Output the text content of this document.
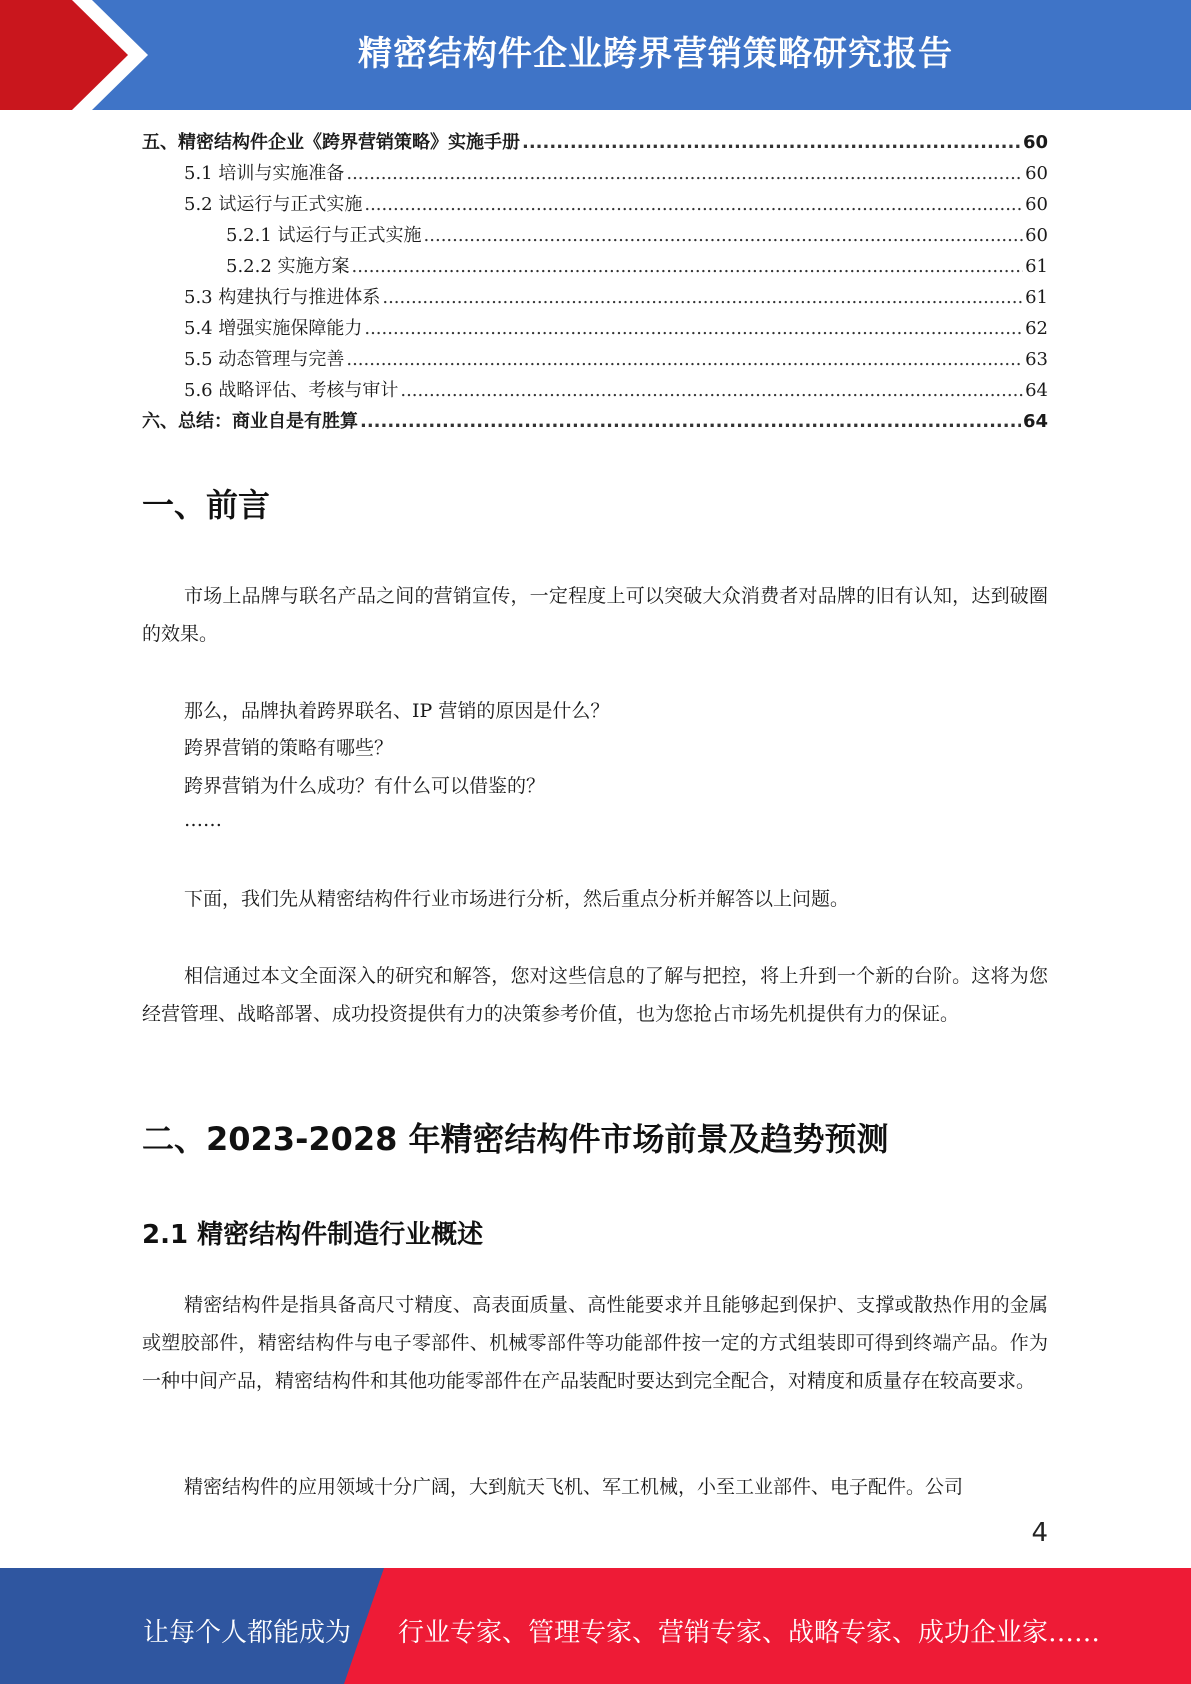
精密结构件企业跨界营销策略研究报告
五、精密结构件企业《跨界营销策略》实施手册 .....	60
5.1 培训与实施准备 .....	60
5.2 试运行与正式实施 .....	60
5.2.1 试运行与正式实施 .....	60
5.2.2 实施方案 .....	61
5.3 构建执行与推进体系 .....	61
5.4 增强实施保障能力 .....	62
5.5 动态管理与完善 .....	63
5.6 战略评估、考核与审计 .....	64
六、总结：商业自是有胜算 .....	64
一、前言

市场上品牌与联名产品之间的营销宣传，一定程度上可以突破大众消费者对品牌的旧有认知，达到破圈的效果。

那么，品牌执着跨界联名、IP 营销的原因是什么？

跨界营销的策略有哪些？

跨界营销为什么成功？有什么可以借鉴的？

……

下面，我们先从精密结构件行业市场进行分析，然后重点分析并解答以上问题。

相信通过本文全面深入的研究和解答，您对这些信息的了解与把控，将上升到一个新的台阶。这将为您经营管理、战略部署、成功投资提供有力的决策参考价值，也为您抢占市场先机提供有力的保证。

二、2023-2028 年精密结构件市场前景及趋势预测
2.1 精密结构件制造行业概述

精密结构件是指具备高尺寸精度、高表面质量、高性能要求并且能够起到保护、支撑或散热作用的金属或塑胶部件，精密结构件与电子零部件、机械零部件等功能部件按一定的方式组装即可得到终端产品。作为一种中间产品，精密结构件和其他功能零部件在产品装配时要达到完全配合，对精度和质量存在较高要求。

精密结构件的应用领域十分广阔，大到航天飞机、军工机械，小至工业部件、电子配件。公司

4
让每个人都能成为 行业专家、管理专家、营销专家、战略专家、成功企业家……
